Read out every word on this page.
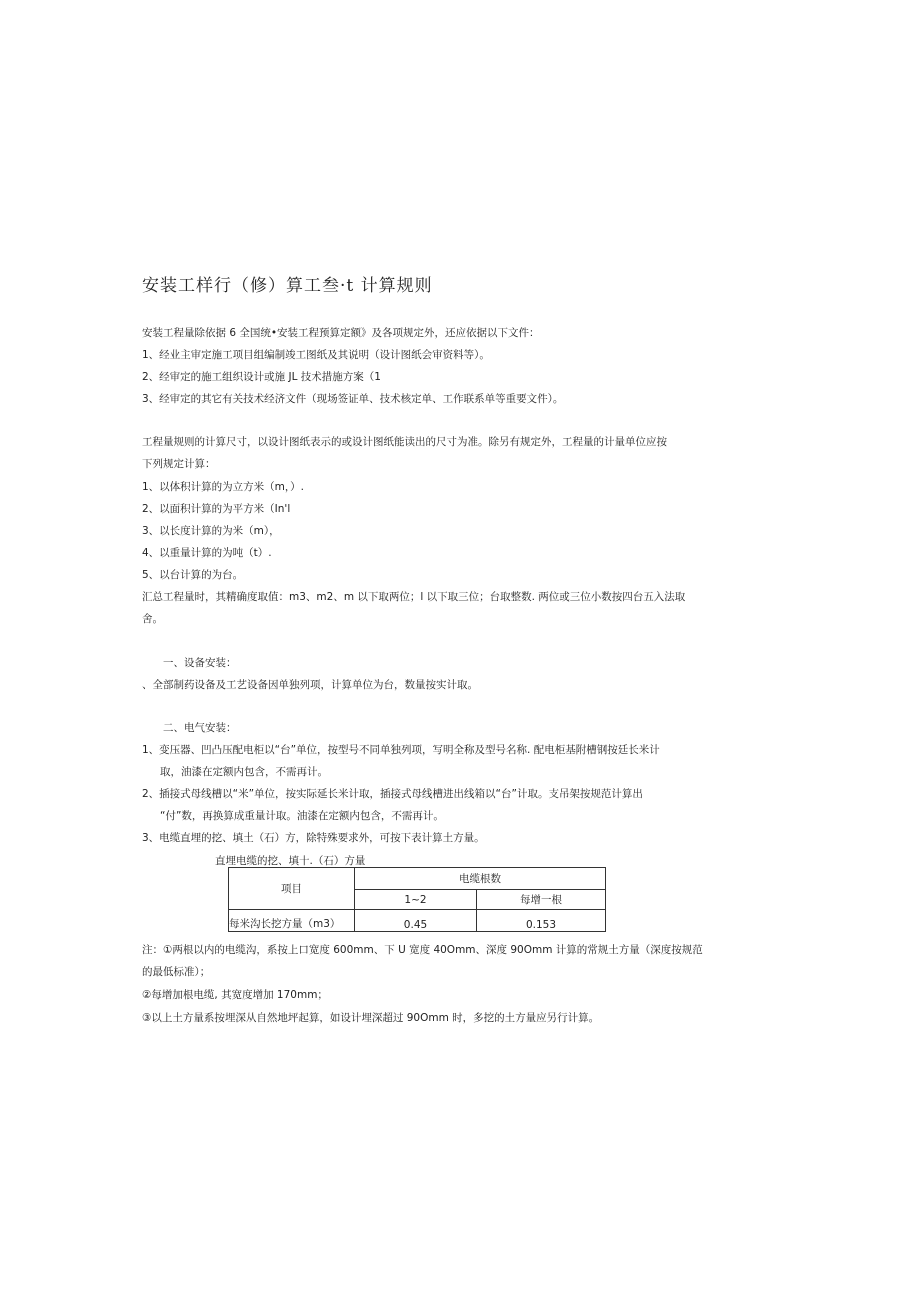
安装工样行（修）算工叁·t 计算规则
安装工程量除依据 6 全国统•安装工程预算定额》及各项规定外，还应依据以下文件：
1、经业主审定施工项目组编制竣工图纸及其说明（设计图纸会审资料等）。
2、经审定的施工组织设计或施 JL 技术措施方案（1
3、经审定的其它有关技术经济文件（现场签证单、技术核定单、工作联系单等重要文件）。
工程量规则的计算尺寸，以设计图纸表示的或设计图纸能读出的尺寸为准。除另有规定外，工程量的计量单位应按
下列规定计算：
1、以体积计算的为立方米（m，）.
2、以面积计算的为平方米（In'l
3、以长度计算的为米（m），
4、以重量计算的为吨（t）.
5、以台计算的为台。
汇总工程量时，其精确度取值：m3、m2、m 以下取两位；l 以下取三位；台取整数. 两位或三位小数按四台五入法取
舍。
一、设备安装：
、全部制药设备及工艺设备因单独列项，计算单位为台，数量按实计取。
二、电气安装：
1、变压器、凹凸压配电柜以“台”单位，按型号不同单独列项，写明全称及型号名称. 配电柜基附槽钢按廷长米计
取，油漆在定额内包含，不需再计。
2、插接式母线槽以“米”单位，按实际延长米计取，插接式母线槽进出线箱以“台”计取。支吊架按规范计算出
“付”数，再换算成重量计取。油漆在定额内包含，不需再计。
3、电缆直埋的挖、填土（石）方，除特殊要求外，可按下表计算土方量。
直埋电缆的挖、填十.（石）方量
项目	电缆根数	
	1~2	每增一根
每米沟长挖方量（m3）	0.45	0.153
注：①两根以内的电缆沟，系按上口宽度 600mm、下 U 宽度 40Omm、深度 90Omm 计算的常规土方量（深度按规范
的最低标准）；
②每增加根电缆, 其宽度增加 170mm；
③以上土方量系按埋深从自然地坪起算，如设计埋深超过 90Omm 时，多挖的土方量应另行计算。
